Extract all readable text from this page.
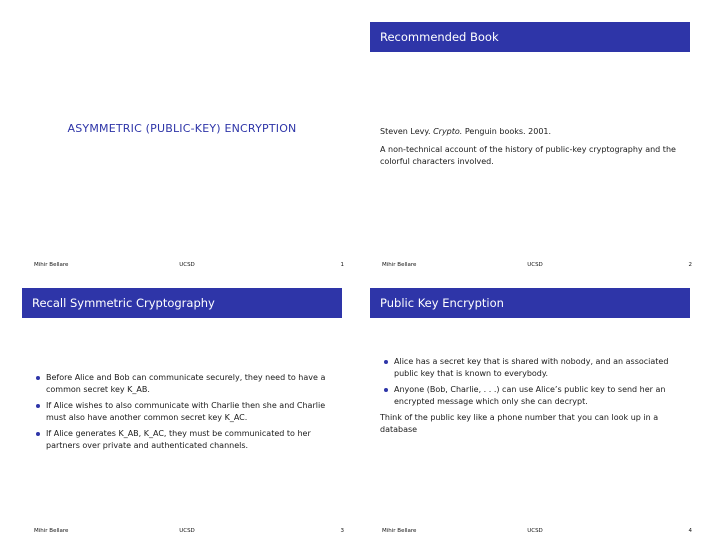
ASYMMETRIC (PUBLIC-KEY) ENCRYPTION
Mihir Bellare	UCSD	1
Recommended Book

Steven Levy. Crypto. Penguin books. 2001.

A non-technical account of the history of public-key cryptography and the colorful characters involved.

Mihir Bellare	UCSD	2
Recall Symmetric Cryptography
Before Alice and Bob can communicate securely, they need to have a common secret key K_AB.
If Alice wishes to also communicate with Charlie then she and Charlie must also have another common secret key K_AC.
If Alice generates K_AB, K_AC, they must be communicated to her partners over private and authenticated channels.
Mihir Bellare	UCSD	3
Public Key Encryption
Alice has a secret key that is shared with nobody, and an associated public key that is known to everybody.
Anyone (Bob, Charlie, . . .) can use Alice’s public key to send her an encrypted message which only she can decrypt.

Think of the public key like a phone number that you can look up in a database

Mihir Bellare	UCSD	4
